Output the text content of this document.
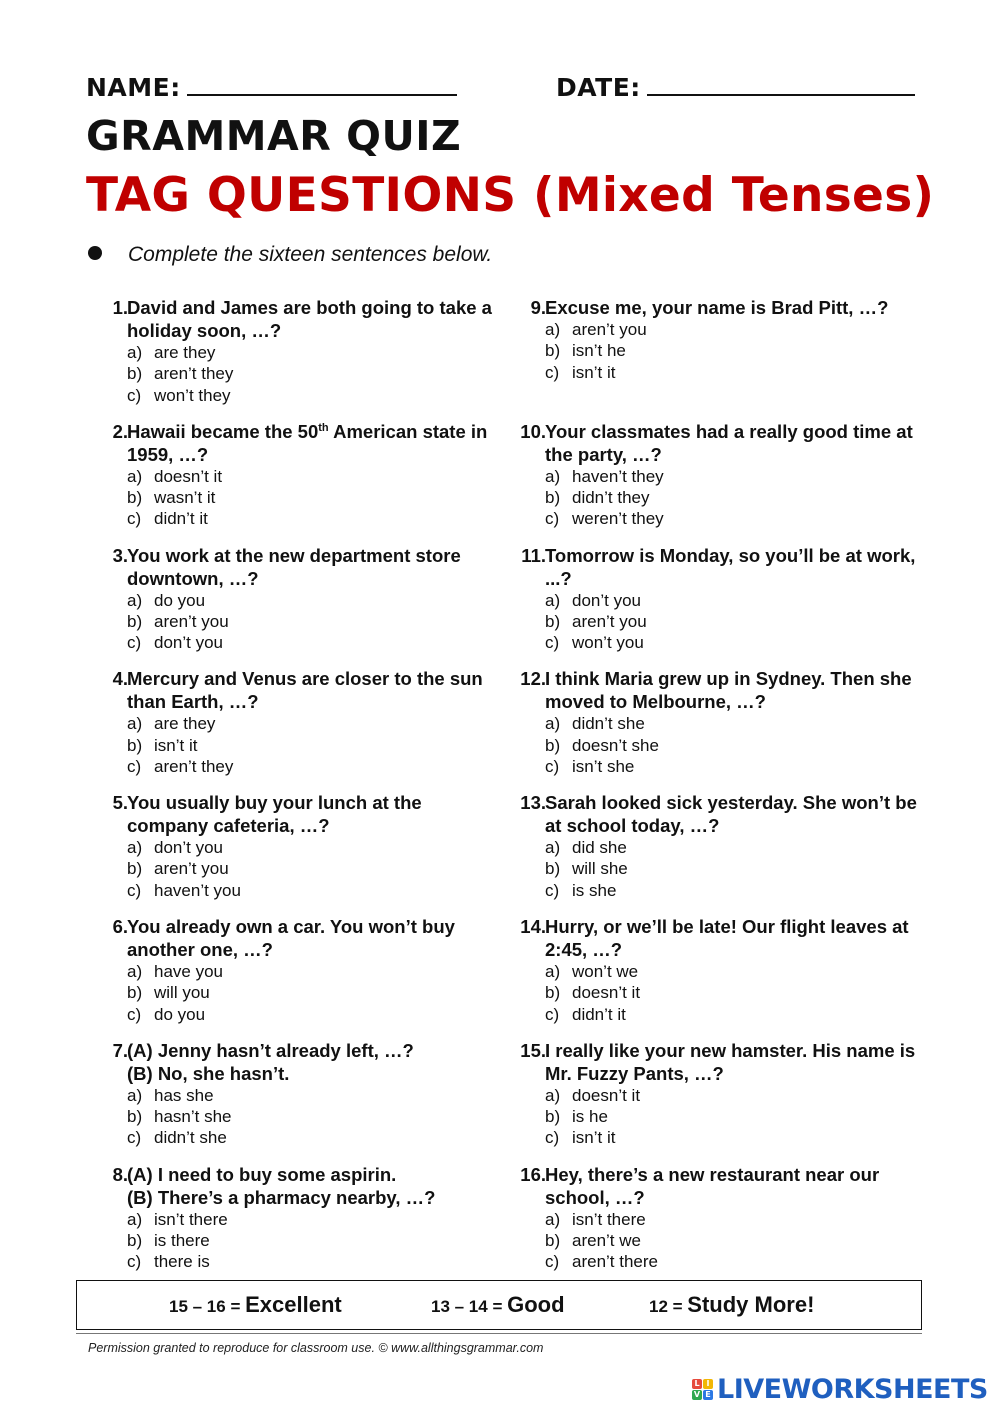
NAME:	DATE:
GRAMMAR QUIZ
TAG QUESTIONS (Mixed Tenses)
Complete the sixteen sentences below.
1. David and James are both going to take a holiday soon, …?

a) are they
b) aren’t they
c) won’t they
2. Hawaii became the 50th American state in 1959, …?

a) doesn’t it
b) wasn’t it
c) didn’t it
3. You work at the new department store downtown, …?

a) do you
b) aren’t you
c) don’t you
4. Mercury and Venus are closer to the sun than Earth, …?

a) are they
b) isn’t it
c) aren’t they
5. You usually buy your lunch at the company cafeteria, …?

a) don’t you
b) aren’t you
c) haven’t you
6. You already own a car. You won’t buy another one, …?

a) have you
b) will you
c) do you
7. (A) Jenny hasn’t already left, …?

(B) No, she hasn’t.

a) has she
b) hasn’t she
c) didn’t she
8. (A) I need to buy some aspirin.

(B) There’s a pharmacy nearby, …?

a) isn’t there
b) is there
c) there is
9. Excuse me, your name is Brad Pitt, …?

a) aren’t you
b) isn’t he
c) isn’t it
10. Your classmates had a really good time at the party, …?

a) haven’t they
b) didn’t they
c) weren’t they
11. Tomorrow is Monday, so you’ll be at work, ...?

a) don’t you
b) aren’t you
c) won’t you
12. I think Maria grew up in Sydney. Then she moved to Melbourne, …?

a) didn’t she
b) doesn’t she
c) isn’t she
13. Sarah looked sick yesterday. She won’t be at school today, …?

a) did she
b) will she
c) is she
14. Hurry, or we’ll be late! Our flight leaves at 2:45, …?

a) won’t we
b) doesn’t it
c) didn’t it
15. I really like your new hamster. His name is Mr. Fuzzy Pants, …?

a) doesn’t it
b) is he
c) isn’t it
16. Hey, there’s a new restaurant near our school, …?

a) isn’t there
b) aren’t we
c) aren’t there
15 – 16 = Excellent	13 – 14 = Good	12 = Study More!
Permission granted to reproduce for classroom use. © www.allthingsgrammar.com
L I
V E LIVEWORKSHEETS
